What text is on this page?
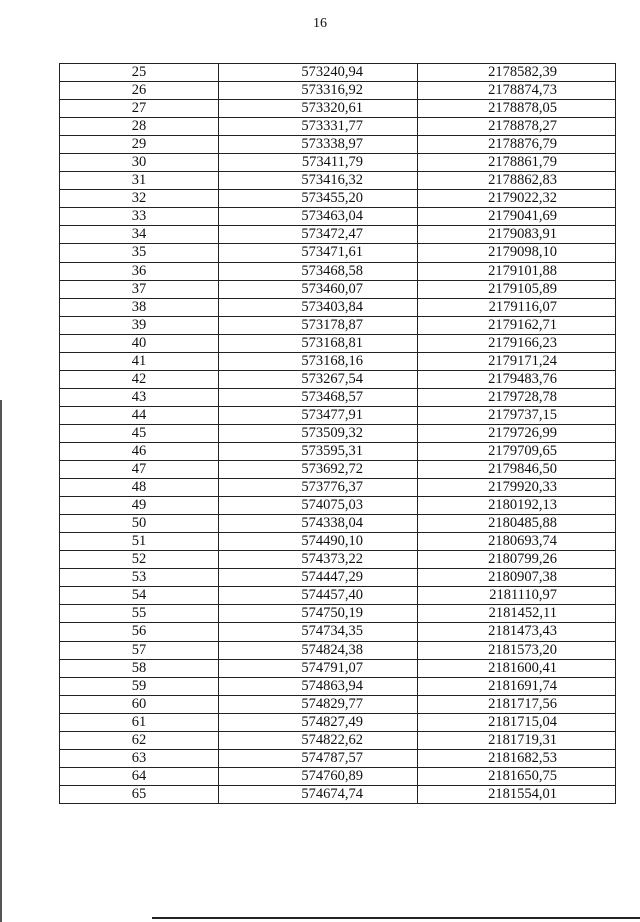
16
25	573240,94	2178582,39
26	573316,92	2178874,73
27	573320,61	2178878,05
28	573331,77	2178878,27
29	573338,97	2178876,79
30	573411,79	2178861,79
31	573416,32	2178862,83
32	573455,20	2179022,32
33	573463,04	2179041,69
34	573472,47	2179083,91
35	573471,61	2179098,10
36	573468,58	2179101,88
37	573460,07	2179105,89
38	573403,84	2179116,07
39	573178,87	2179162,71
40	573168,81	2179166,23
41	573168,16	2179171,24
42	573267,54	2179483,76
43	573468,57	2179728,78
44	573477,91	2179737,15
45	573509,32	2179726,99
46	573595,31	2179709,65
47	573692,72	2179846,50
48	573776,37	2179920,33
49	574075,03	2180192,13
50	574338,04	2180485,88
51	574490,10	2180693,74
52	574373,22	2180799,26
53	574447,29	2180907,38
54	574457,40	2181110,97
55	574750,19	2181452,11
56	574734,35	2181473,43
57	574824,38	2181573,20
58	574791,07	2181600,41
59	574863,94	2181691,74
60	574829,77	2181717,56
61	574827,49	2181715,04
62	574822,62	2181719,31
63	574787,57	2181682,53
64	574760,89	2181650,75
65	574674,74	2181554,01
